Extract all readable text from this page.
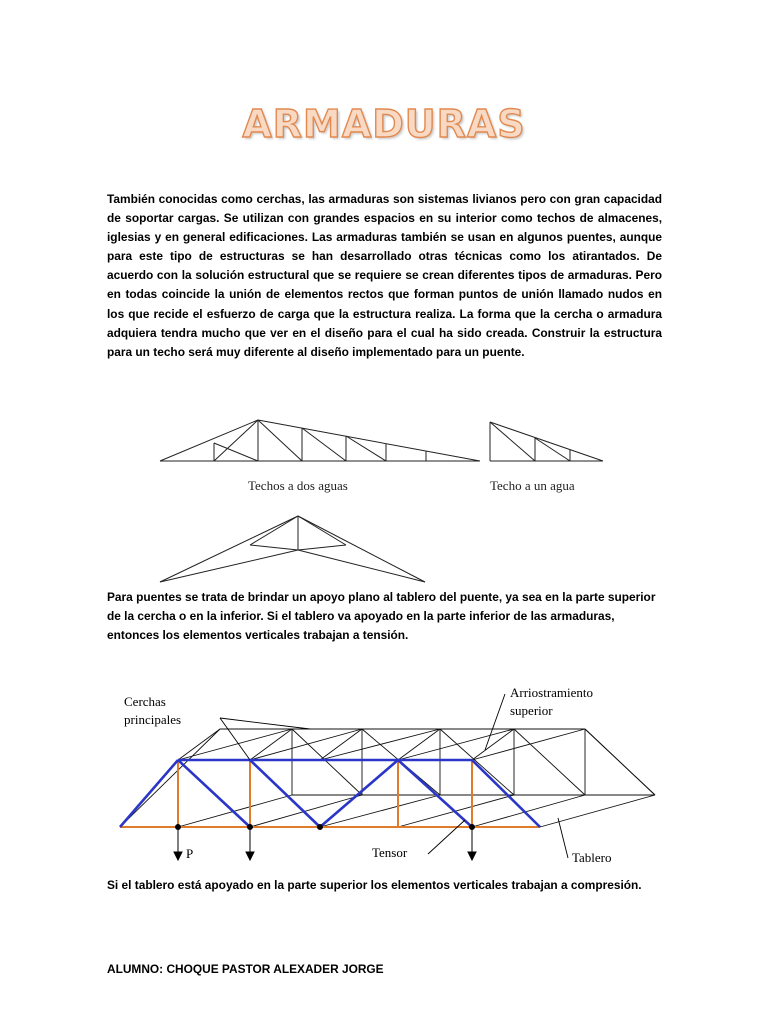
ARMADURAS

También conocidas como cerchas, las armaduras son sistemas livianos pero con gran capacidad de soportar cargas. Se utilizan con grandes espacios en su interior como techos de almacenes, iglesias y en general edificaciones. Las armaduras también se usan en algunos puentes, aunque para este tipo de estructuras se han desarrollado otras técnicas como los atirantados. De acuerdo con la solución estructural que se requiere se crean diferentes tipos de armaduras. Pero en todas coincide la unión de elementos rectos que forman puntos de unión llamado nudos en los que recide el esfuerzo de carga que la estructura realiza. La forma que la cercha o armadura adquiera tendra mucho que ver en el diseño para el cual ha sido creada. Construir la estructura para un techo será muy diferente al diseño implementado para un puente.

Techos a dos aguas	Techo a un agua

Para puentes se trata de brindar un apoyo plano al tablero del puente, ya sea en la parte superior de la cercha o en la inferior. Si el tablero va apoyado en la parte inferior de las armaduras, entonces los elementos verticales trabajan a tensión.

Cerchas
principales
Arriostramiento
superior
P	Tensor	Tablero

Si el tablero está apoyado en la parte superior los elementos verticales trabajan a compresión.

ALUMNO: CHOQUE PASTOR ALEXADER JORGE
